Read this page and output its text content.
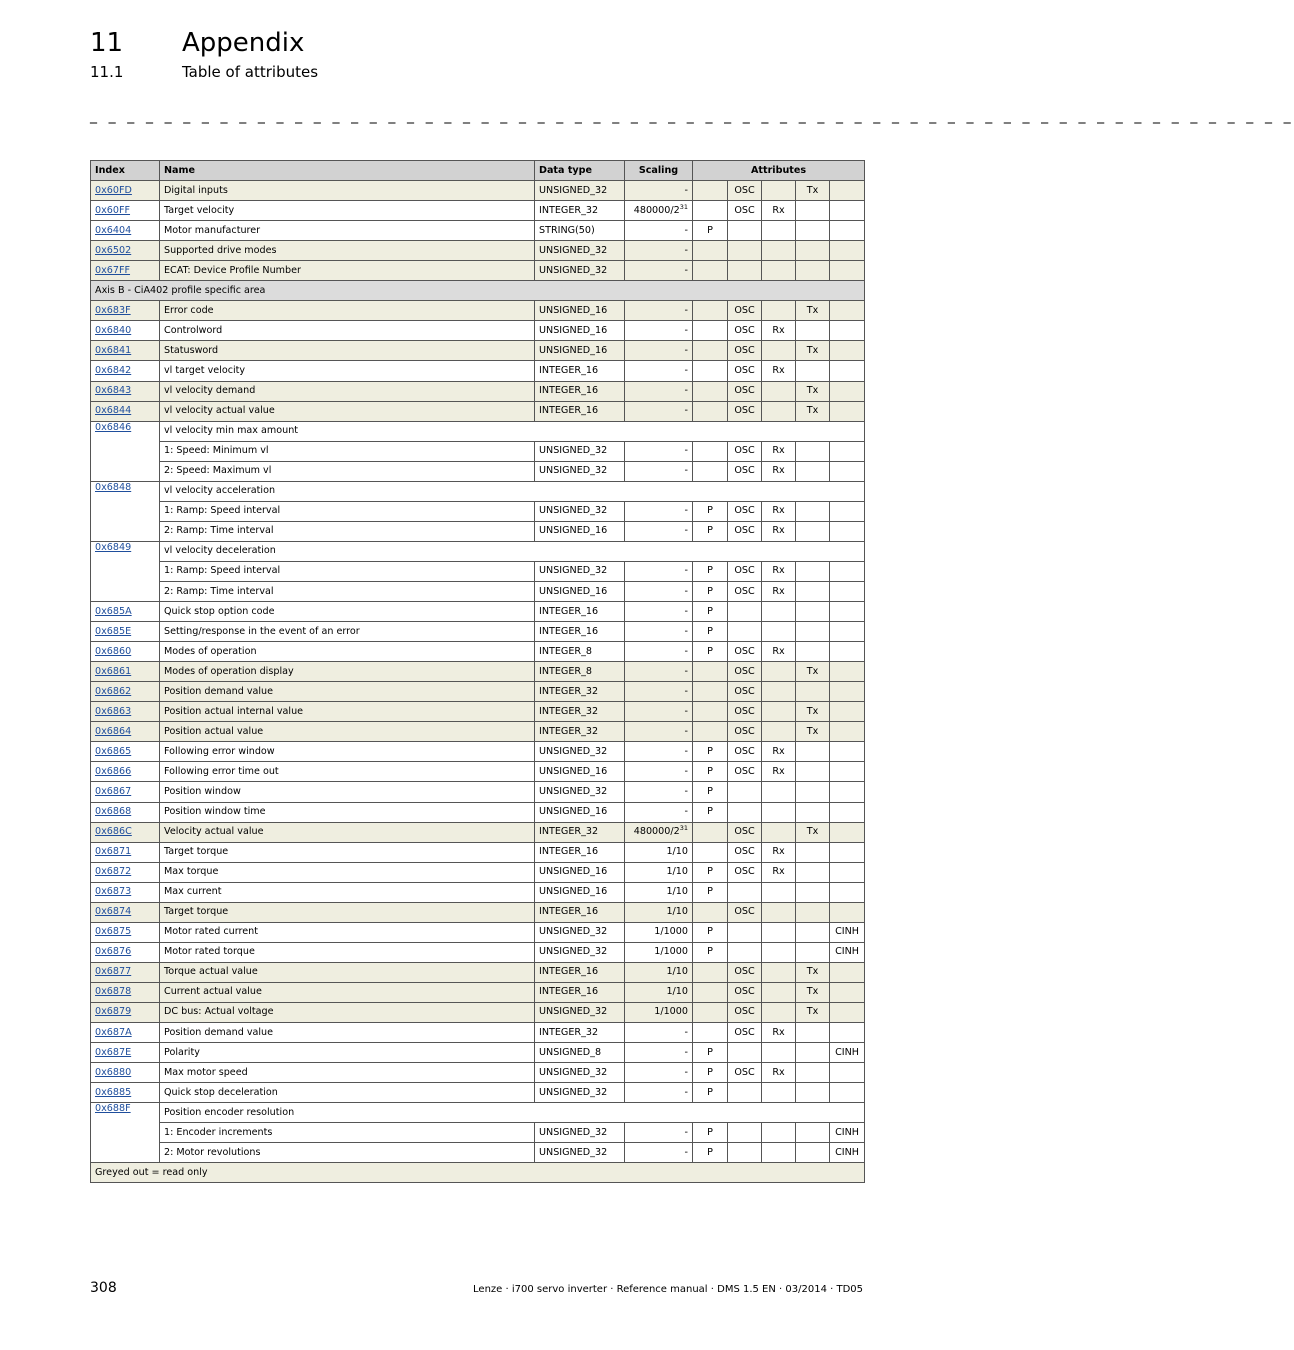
11 Appendix
11.1	Table of attributes
_ _ _ _ _ _ _ _ _ _ _ _ _ _ _ _ _ _ _ _ _ _ _ _ _ _ _ _ _ _ _ _ _ _ _ _ _ _ _ _ _ _ _ _ _ _ _ _ _ _ _ _ _ _ _ _ _ _ _ _ _ _ _ _ _
Index	Name	Data type	Scaling	Attributes				
0x60FD	Digital inputs	UNSIGNED_32	-		OSC		Tx	
0x60FF	Target velocity	INTEGER_32	$480000/2^{31}$		OSC	Rx		
0x6404	Motor manufacturer	STRING(50)	-	P				
0x6502	Supported drive modes	UNSIGNED_32	-					
0x67FF	ECAT: Device Profile Number	UNSIGNED_32	-					
Axis B - CiA402 profile specific area								
0x683F	Error code	UNSIGNED_16	-		OSC		Tx	
0x6840	Controlword	UNSIGNED_16	-		OSC	Rx		
0x6841	Statusword	UNSIGNED_16	-		OSC		Tx	
0x6842	vl target velocity	INTEGER_16	-		OSC	Rx		
0x6843	vl velocity demand	INTEGER_16	-		OSC		Tx	
0x6844	vl velocity actual value	INTEGER_16	-		OSC		Tx	
0x6846	vl velocity min max amount							
	1: Speed: Minimum vl	UNSIGNED_32	-		OSC	Rx		
	2: Speed: Maximum vl	UNSIGNED_32	-		OSC	Rx		
0x6848	vl velocity acceleration							
	1: Ramp: Speed interval	UNSIGNED_32	-	P	OSC	Rx		
	2: Ramp: Time interval	UNSIGNED_16	-	P	OSC	Rx		
0x6849	vl velocity deceleration							
	1: Ramp: Speed interval	UNSIGNED_32	-	P	OSC	Rx		
	2: Ramp: Time interval	UNSIGNED_16	-	P	OSC	Rx		
0x685A	Quick stop option code	INTEGER_16	-	P				
0x685E	Setting/response in the event of an error	INTEGER_16	-	P				
0x6860	Modes of operation	INTEGER_8	-	P	OSC	Rx		
0x6861	Modes of operation display	INTEGER_8	-		OSC		Tx	
0x6862	Position demand value	INTEGER_32	-		OSC			
0x6863	Position actual internal value	INTEGER_32	-		OSC		Tx	
0x6864	Position actual value	INTEGER_32	-		OSC		Tx	
0x6865	Following error window	UNSIGNED_32	-	P	OSC	Rx		
0x6866	Following error time out	UNSIGNED_16	-	P	OSC	Rx		
0x6867	Position window	UNSIGNED_32	-	P				
0x6868	Position window time	UNSIGNED_16	-	P				
0x686C	Velocity actual value	INTEGER_32	$480000/2^{31}$		OSC		Tx	
0x6871	Target torque	INTEGER_16	1/10		OSC	Rx		
0x6872	Max torque	UNSIGNED_16	1/10	P	OSC	Rx		
0x6873	Max current	UNSIGNED_16	1/10	P				
0x6874	Target torque	INTEGER_16	1/10		OSC			
0x6875	Motor rated current	UNSIGNED_32	1/1000	P				CINH
0x6876	Motor rated torque	UNSIGNED_32	1/1000	P				CINH
0x6877	Torque actual value	INTEGER_16	1/10		OSC		Tx	
0x6878	Current actual value	INTEGER_16	1/10		OSC		Tx	
0x6879	DC bus: Actual voltage	UNSIGNED_32	1/1000		OSC		Tx	
0x687A	Position demand value	INTEGER_32	-		OSC	Rx		
0x687E	Polarity	UNSIGNED_8	-	P				CINH
0x6880	Max motor speed	UNSIGNED_32	-	P	OSC	Rx		
0x6885	Quick stop deceleration	UNSIGNED_32	-	P				
0x688F	Position encoder resolution							
	1: Encoder increments	UNSIGNED_32	-	P				CINH
	2: Motor revolutions	UNSIGNED_32	-	P				CINH
Greyed out = read only								
308	Lenze · i700 servo inverter · Reference manual · DMS 1.5 EN · 03/2014 · TD05
